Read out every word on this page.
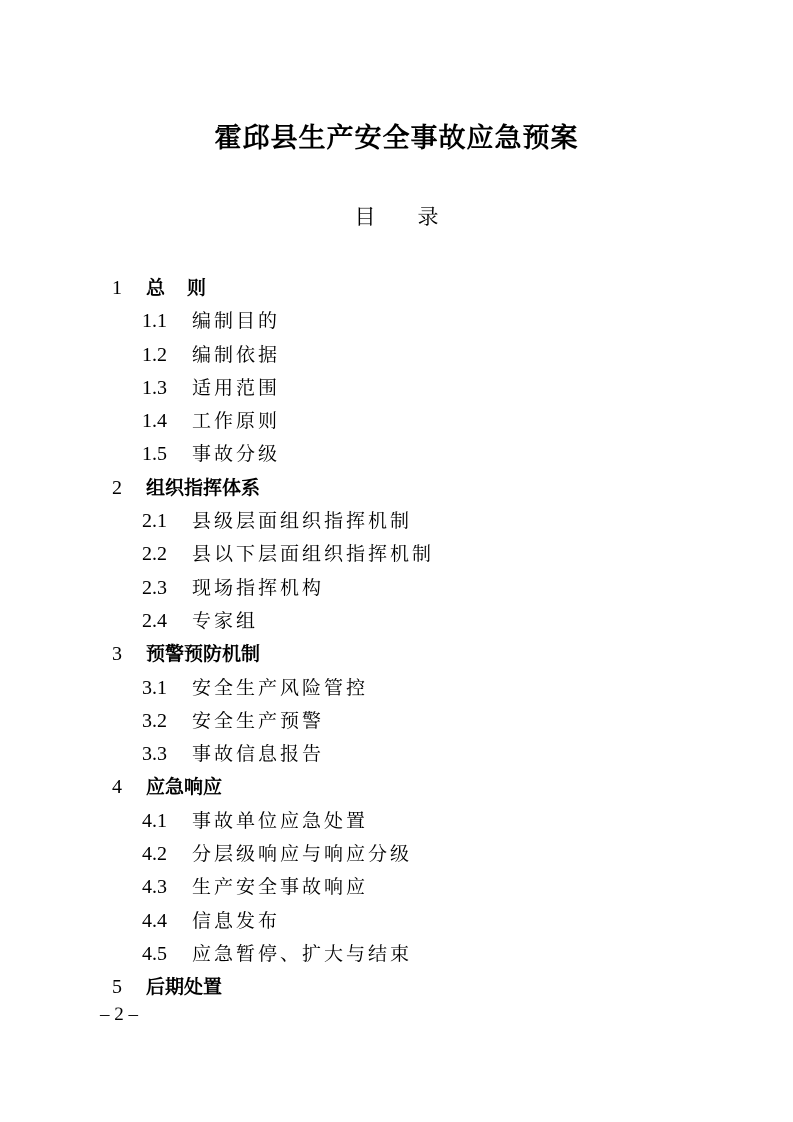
霍邱县生产安全事故应急预案
目 录
1 总 则
1.1 编制目的
1.2 编制依据
1.3 适用范围
1.4 工作原则
1.5 事故分级
2 组织指挥体系
2.1 县级层面组织指挥机制
2.2 县以下层面组织指挥机制
2.3 现场指挥机构
2.4 专家组
3 预警预防机制
3.1 安全生产风险管控
3.2 安全生产预警
3.3 事故信息报告
4 应急响应
4.1 事故单位应急处置
4.2 分层级响应与响应分级
4.3 生产安全事故响应
4.4 信息发布
4.5 应急暂停、扩大与结束
5 后期处置
– 2 –
